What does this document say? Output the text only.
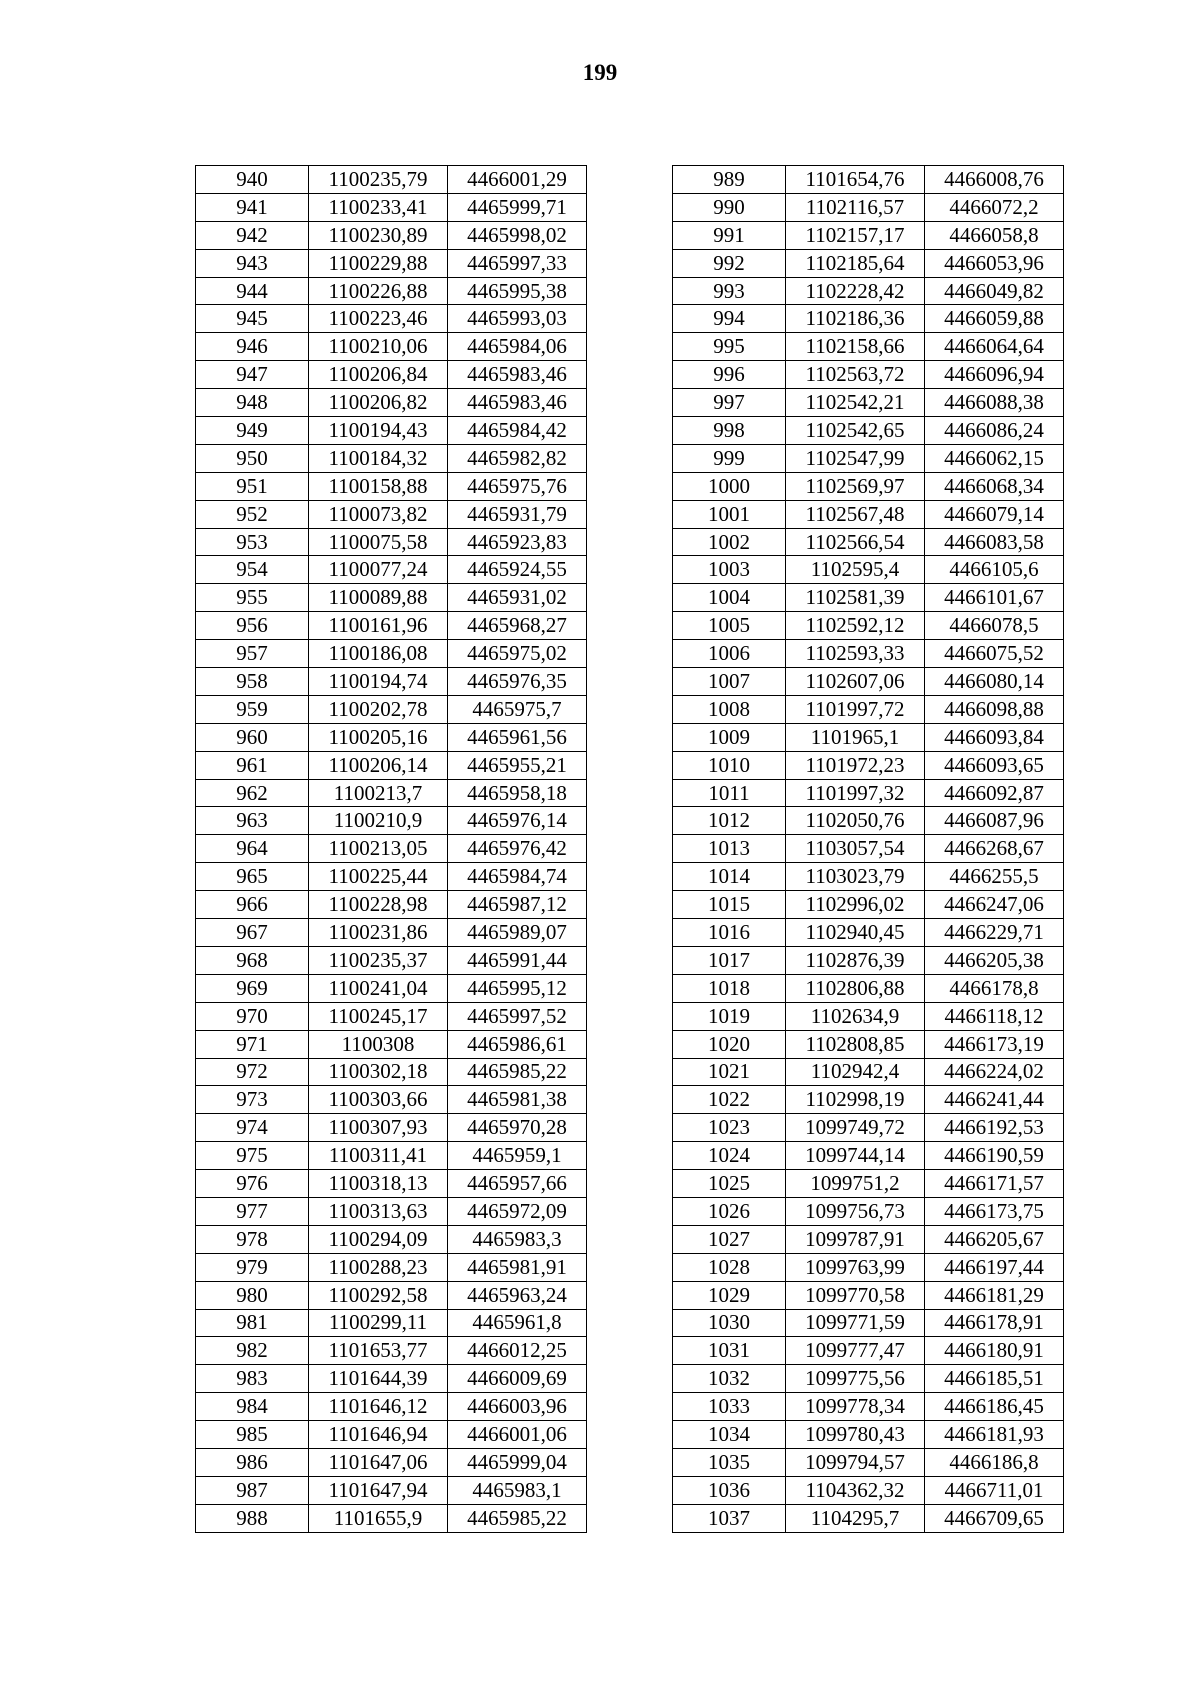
199
940	1100235,79	4466001,29
941	1100233,41	4465999,71
942	1100230,89	4465998,02
943	1100229,88	4465997,33
944	1100226,88	4465995,38
945	1100223,46	4465993,03
946	1100210,06	4465984,06
947	1100206,84	4465983,46
948	1100206,82	4465983,46
949	1100194,43	4465984,42
950	1100184,32	4465982,82
951	1100158,88	4465975,76
952	1100073,82	4465931,79
953	1100075,58	4465923,83
954	1100077,24	4465924,55
955	1100089,88	4465931,02
956	1100161,96	4465968,27
957	1100186,08	4465975,02
958	1100194,74	4465976,35
959	1100202,78	4465975,7
960	1100205,16	4465961,56
961	1100206,14	4465955,21
962	1100213,7	4465958,18
963	1100210,9	4465976,14
964	1100213,05	4465976,42
965	1100225,44	4465984,74
966	1100228,98	4465987,12
967	1100231,86	4465989,07
968	1100235,37	4465991,44
969	1100241,04	4465995,12
970	1100245,17	4465997,52
971	1100308	4465986,61
972	1100302,18	4465985,22
973	1100303,66	4465981,38
974	1100307,93	4465970,28
975	1100311,41	4465959,1
976	1100318,13	4465957,66
977	1100313,63	4465972,09
978	1100294,09	4465983,3
979	1100288,23	4465981,91
980	1100292,58	4465963,24
981	1100299,11	4465961,8
982	1101653,77	4466012,25
983	1101644,39	4466009,69
984	1101646,12	4466003,96
985	1101646,94	4466001,06
986	1101647,06	4465999,04
987	1101647,94	4465983,1
988	1101655,9	4465985,22
989	1101654,76	4466008,76
990	1102116,57	4466072,2
991	1102157,17	4466058,8
992	1102185,64	4466053,96
993	1102228,42	4466049,82
994	1102186,36	4466059,88
995	1102158,66	4466064,64
996	1102563,72	4466096,94
997	1102542,21	4466088,38
998	1102542,65	4466086,24
999	1102547,99	4466062,15
1000	1102569,97	4466068,34
1001	1102567,48	4466079,14
1002	1102566,54	4466083,58
1003	1102595,4	4466105,6
1004	1102581,39	4466101,67
1005	1102592,12	4466078,5
1006	1102593,33	4466075,52
1007	1102607,06	4466080,14
1008	1101997,72	4466098,88
1009	1101965,1	4466093,84
1010	1101972,23	4466093,65
1011	1101997,32	4466092,87
1012	1102050,76	4466087,96
1013	1103057,54	4466268,67
1014	1103023,79	4466255,5
1015	1102996,02	4466247,06
1016	1102940,45	4466229,71
1017	1102876,39	4466205,38
1018	1102806,88	4466178,8
1019	1102634,9	4466118,12
1020	1102808,85	4466173,19
1021	1102942,4	4466224,02
1022	1102998,19	4466241,44
1023	1099749,72	4466192,53
1024	1099744,14	4466190,59
1025	1099751,2	4466171,57
1026	1099756,73	4466173,75
1027	1099787,91	4466205,67
1028	1099763,99	4466197,44
1029	1099770,58	4466181,29
1030	1099771,59	4466178,91
1031	1099777,47	4466180,91
1032	1099775,56	4466185,51
1033	1099778,34	4466186,45
1034	1099780,43	4466181,93
1035	1099794,57	4466186,8
1036	1104362,32	4466711,01
1037	1104295,7	4466709,65
